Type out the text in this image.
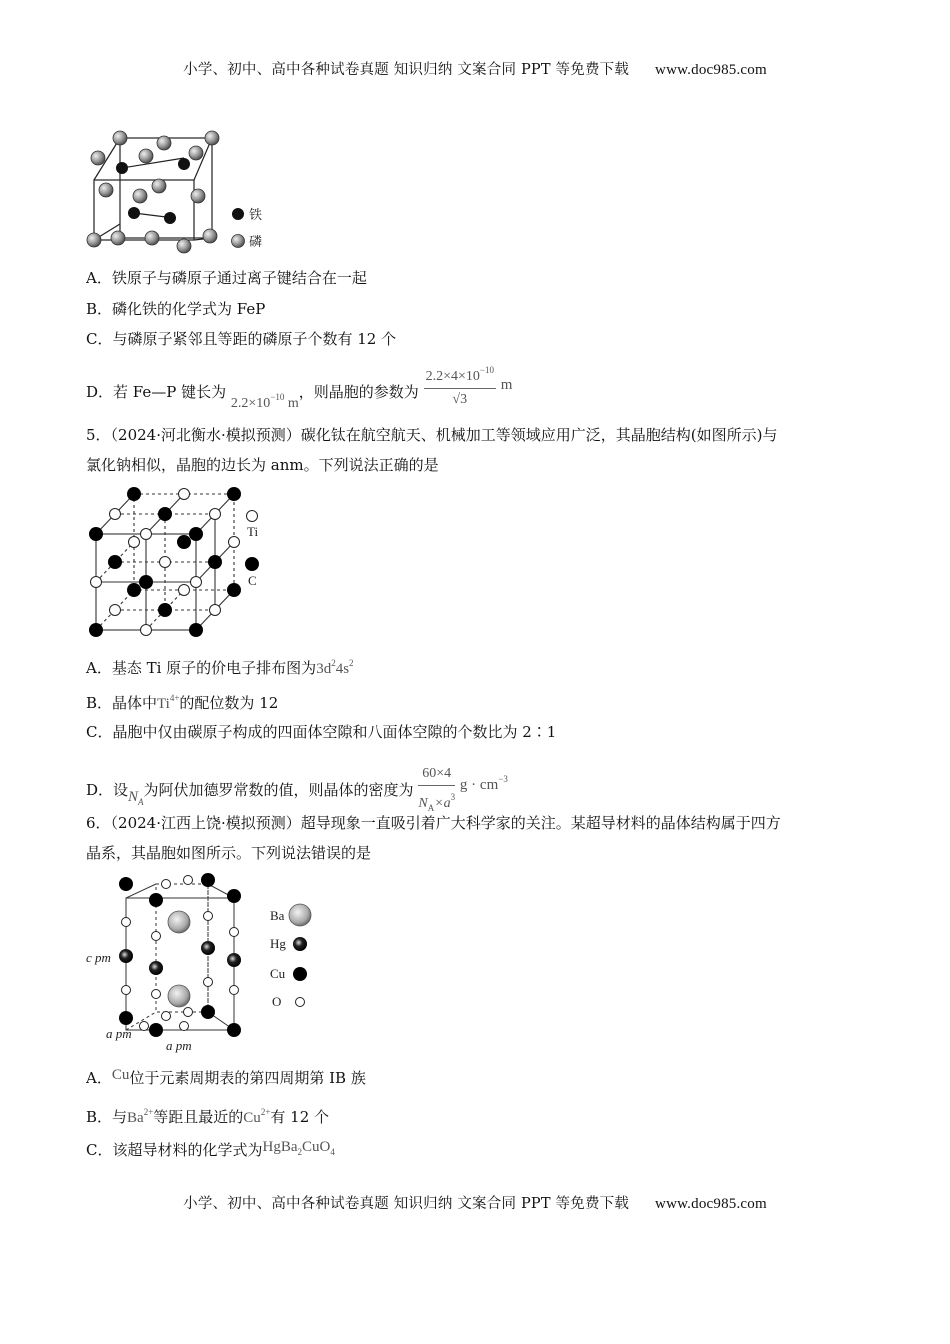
小学、初中、高中各种试卷真题 知识归纳 文案合同 PPT 等免费下载 www.doc985.com
铁
磷
A．铁原子与磷原子通过离子键结合在一起
B．磷化铁的化学式为 FeP
C．与磷原子紧邻且等距的磷原子个数有 12 个
D．若 Fe—P 键长为 $2.2\times 10^{-10}$ m，则晶胞的参数为 $\frac{2.2\times 4\times 10^{-10}}{√3}$ m
5．（2024·河北衡水·模拟预测）碳化钛在航空航天、机械加工等领域应用广泛，其晶胞结构(如图所示)与
氯化钠相似，晶胞的边长为 anm。下列说法正确的是
Ti
C
A．基态 Ti 原子的价电子排布图为$3d^24s^2$
B．晶体中$Ti^{4+}$的配位数为 12
C．晶胞中仅由碳原子构成的四面体空隙和八面体空隙的个数比为 2∶1
D．设$N_A$为阿伏加德罗常数的值，则晶体的密度为 $\frac{60\times 4}{N_A\times a^3}$ $g \cdot cm^{-3}$
6．（2024·江西上饶·模拟预测）超导现象一直吸引着广大科学家的关注。某超导材料的晶体结构属于四方
晶系，其晶胞如图所示。下列说法错误的是
c pm
a pm
a pm
Ba
Hg
Cu
O
A．Cu位于元素周期表的第四周期第 IB 族
B．与$Ba^{2+}$等距且最近的$Cu^{2+}$有 12 个
C．该超导材料的化学式为HgBa$_2$CuO$_4$
小学、初中、高中各种试卷真题 知识归纳 文案合同 PPT 等免费下载 www.doc985.com
